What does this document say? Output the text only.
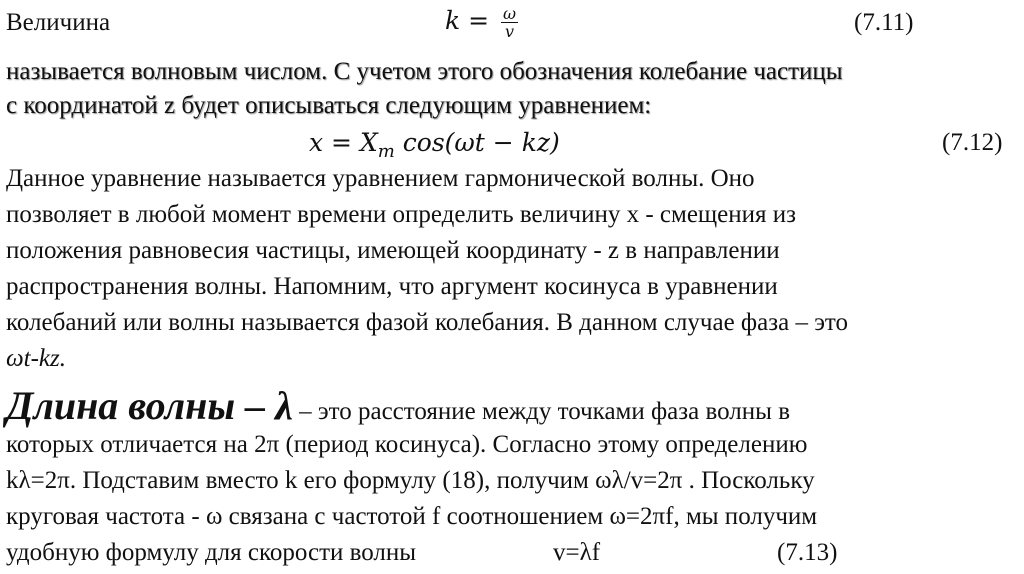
Величина	$k = \frac{\omega}{v}$	(7.11)
называется волновым числом. С учетом этого обозначения колебание частицы
с координатой z будет описываться следующим уравнением:
$x = X_m$ cos(ωt − kz)	(7.12)
Данное уравнение называется уравнением гармонической волны. Оно
позволяет в любой момент времени определить величину x - смещения из
положения равновесия частицы, имеющей координату - z в направлении
распространения волны. Напомним, что аргумент косинуса в уравнении
колебаний или волны называется фазой колебания. В данном случае фаза – это
ωt-kz.
Длина волны – λ – это расстояние между точками фаза волны в
которых отличается на 2π (период косинуса). Согласно этому определению
kλ=2π. Подставим вместо k его формулу (18), получим ωλ/v=2π . Поскольку
круговая частота - ω связана с частотой f соотношением ω=2πf, мы получим
удобную формулу для скорости волны	v=λf	(7.13)
